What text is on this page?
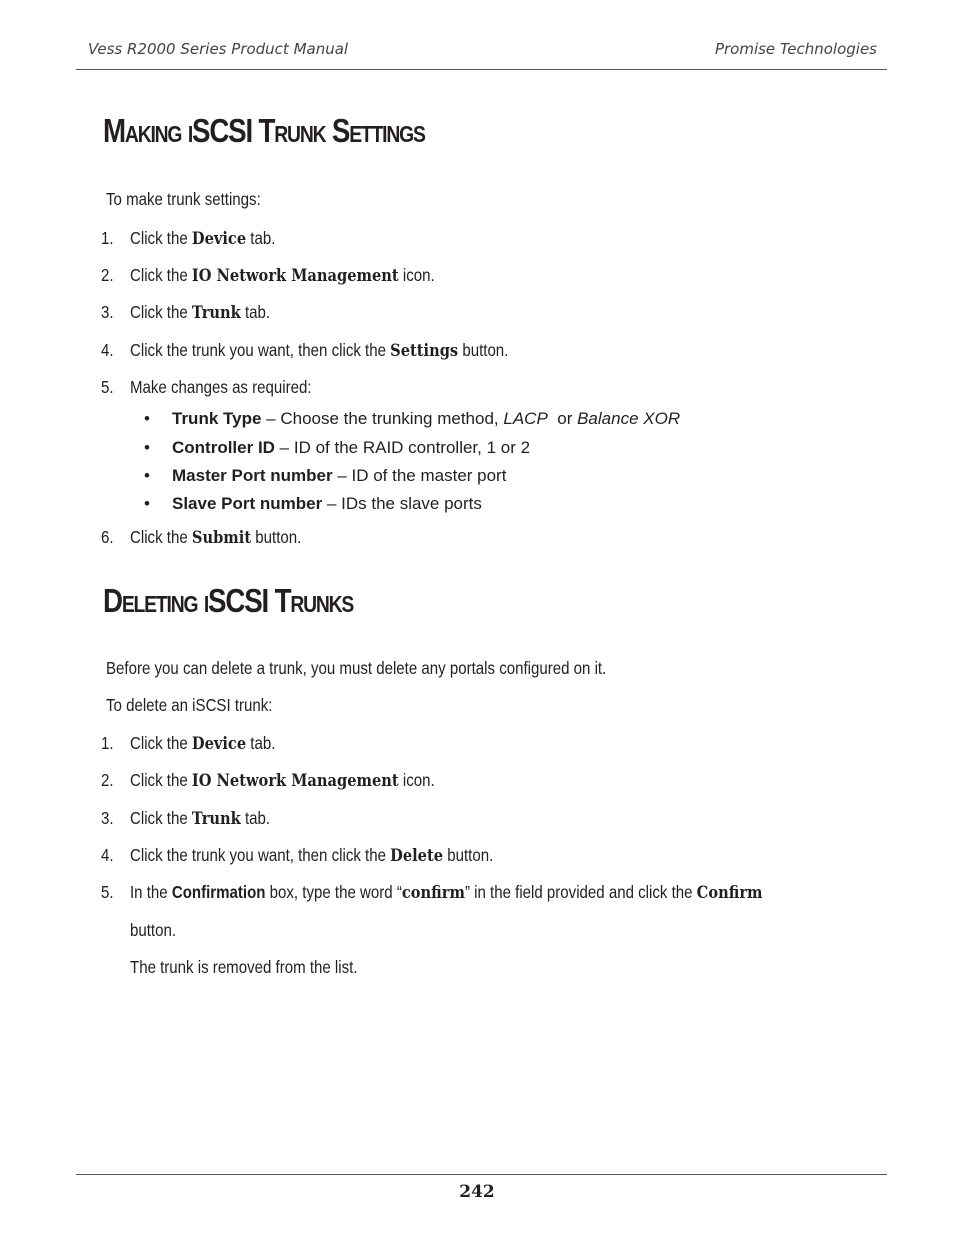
Vess R2000 Series Product Manual	Promise Technologies
Making iSCSI Trunk Settings
To make trunk settings:
1. Click the Device tab.
2. Click the IO Network Management icon.
3. Click the Trunk tab.
4. Click the trunk you want, then click the Settings button.
5. Make changes as required:
• Trunk Type – Choose the trunking method, LACP  or Balance XOR
• Controller ID – ID of the RAID controller, 1 or 2
• Master Port number – ID of the master port
• Slave Port number – IDs the slave ports
6. Click the Submit button.
Deleting iSCSI Trunks
Before you can delete a trunk, you must delete any portals configured on it.
To delete an iSCSI trunk:
1. Click the Device tab.
2. Click the IO Network Management icon.
3. Click the Trunk tab.
4. Click the trunk you want, then click the Delete button.
5. In the Confirmation box, type the word “confirm” in the field provided and click the Confirm
button.
The trunk is removed from the list.
242
